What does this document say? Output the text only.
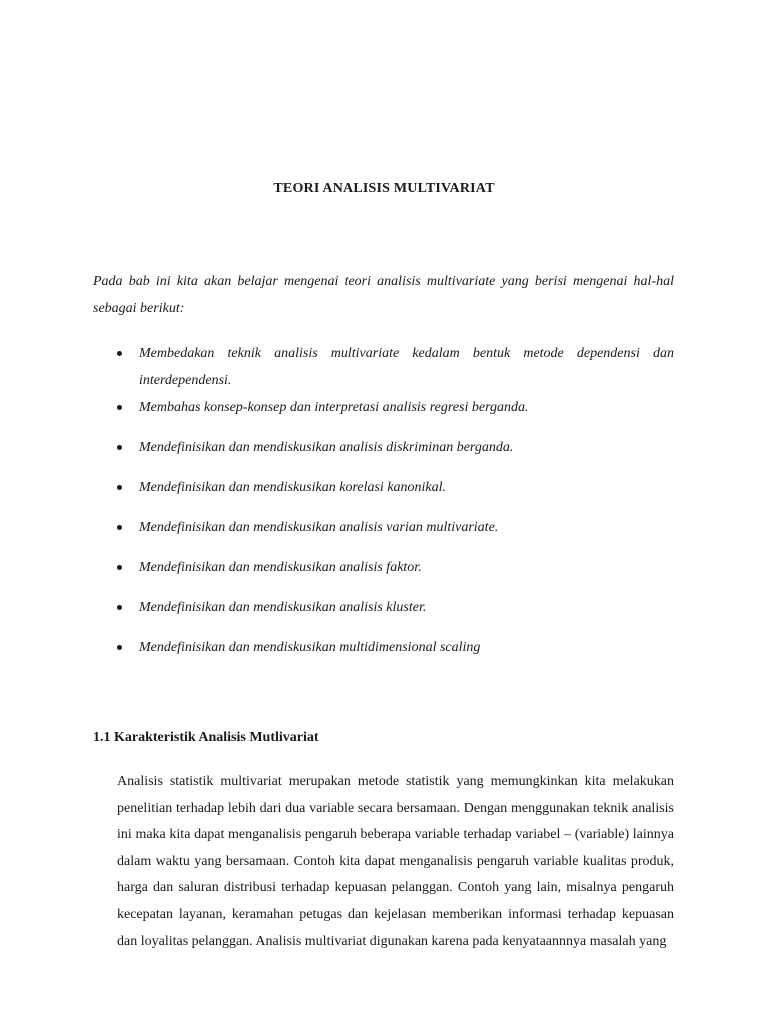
TEORI ANALISIS MULTIVARIAT

Pada bab ini kita akan belajar mengenai teori analisis multivariate yang berisi mengenai hal-hal sebagai berikut:

Membedakan teknik analisis multivariate kedalam bentuk metode dependensi dan interdependensi.
Membahas konsep-konsep dan interpretasi analisis regresi berganda.
Mendefinisikan dan mendiskusikan analisis diskriminan berganda.
Mendefinisikan dan mendiskusikan korelasi kanonikal.
Mendefinisikan dan mendiskusikan analisis varian multivariate.
Mendefinisikan dan mendiskusikan analisis faktor.
Mendefinisikan dan mendiskusikan analisis kluster.
Mendefinisikan dan mendiskusikan multidimensional scaling
1.1 Karakteristik Analisis Mutlivariat

Analisis statistik multivariat merupakan metode statistik yang memungkinkan kita melakukan penelitian terhadap lebih dari dua variable secara bersamaan. Dengan menggunakan teknik analisis ini maka kita dapat menganalisis pengaruh beberapa variable terhadap variabel – (variable) lainnya dalam waktu yang bersamaan. Contoh kita dapat menganalisis pengaruh variable kualitas produk, harga dan saluran distribusi terhadap kepuasan pelanggan. Contoh yang lain, misalnya pengaruh kecepatan layanan, keramahan petugas dan kejelasan memberikan informasi terhadap kepuasan dan loyalitas pelanggan. Analisis multivariat digunakan karena pada kenyataannnya masalah yang
